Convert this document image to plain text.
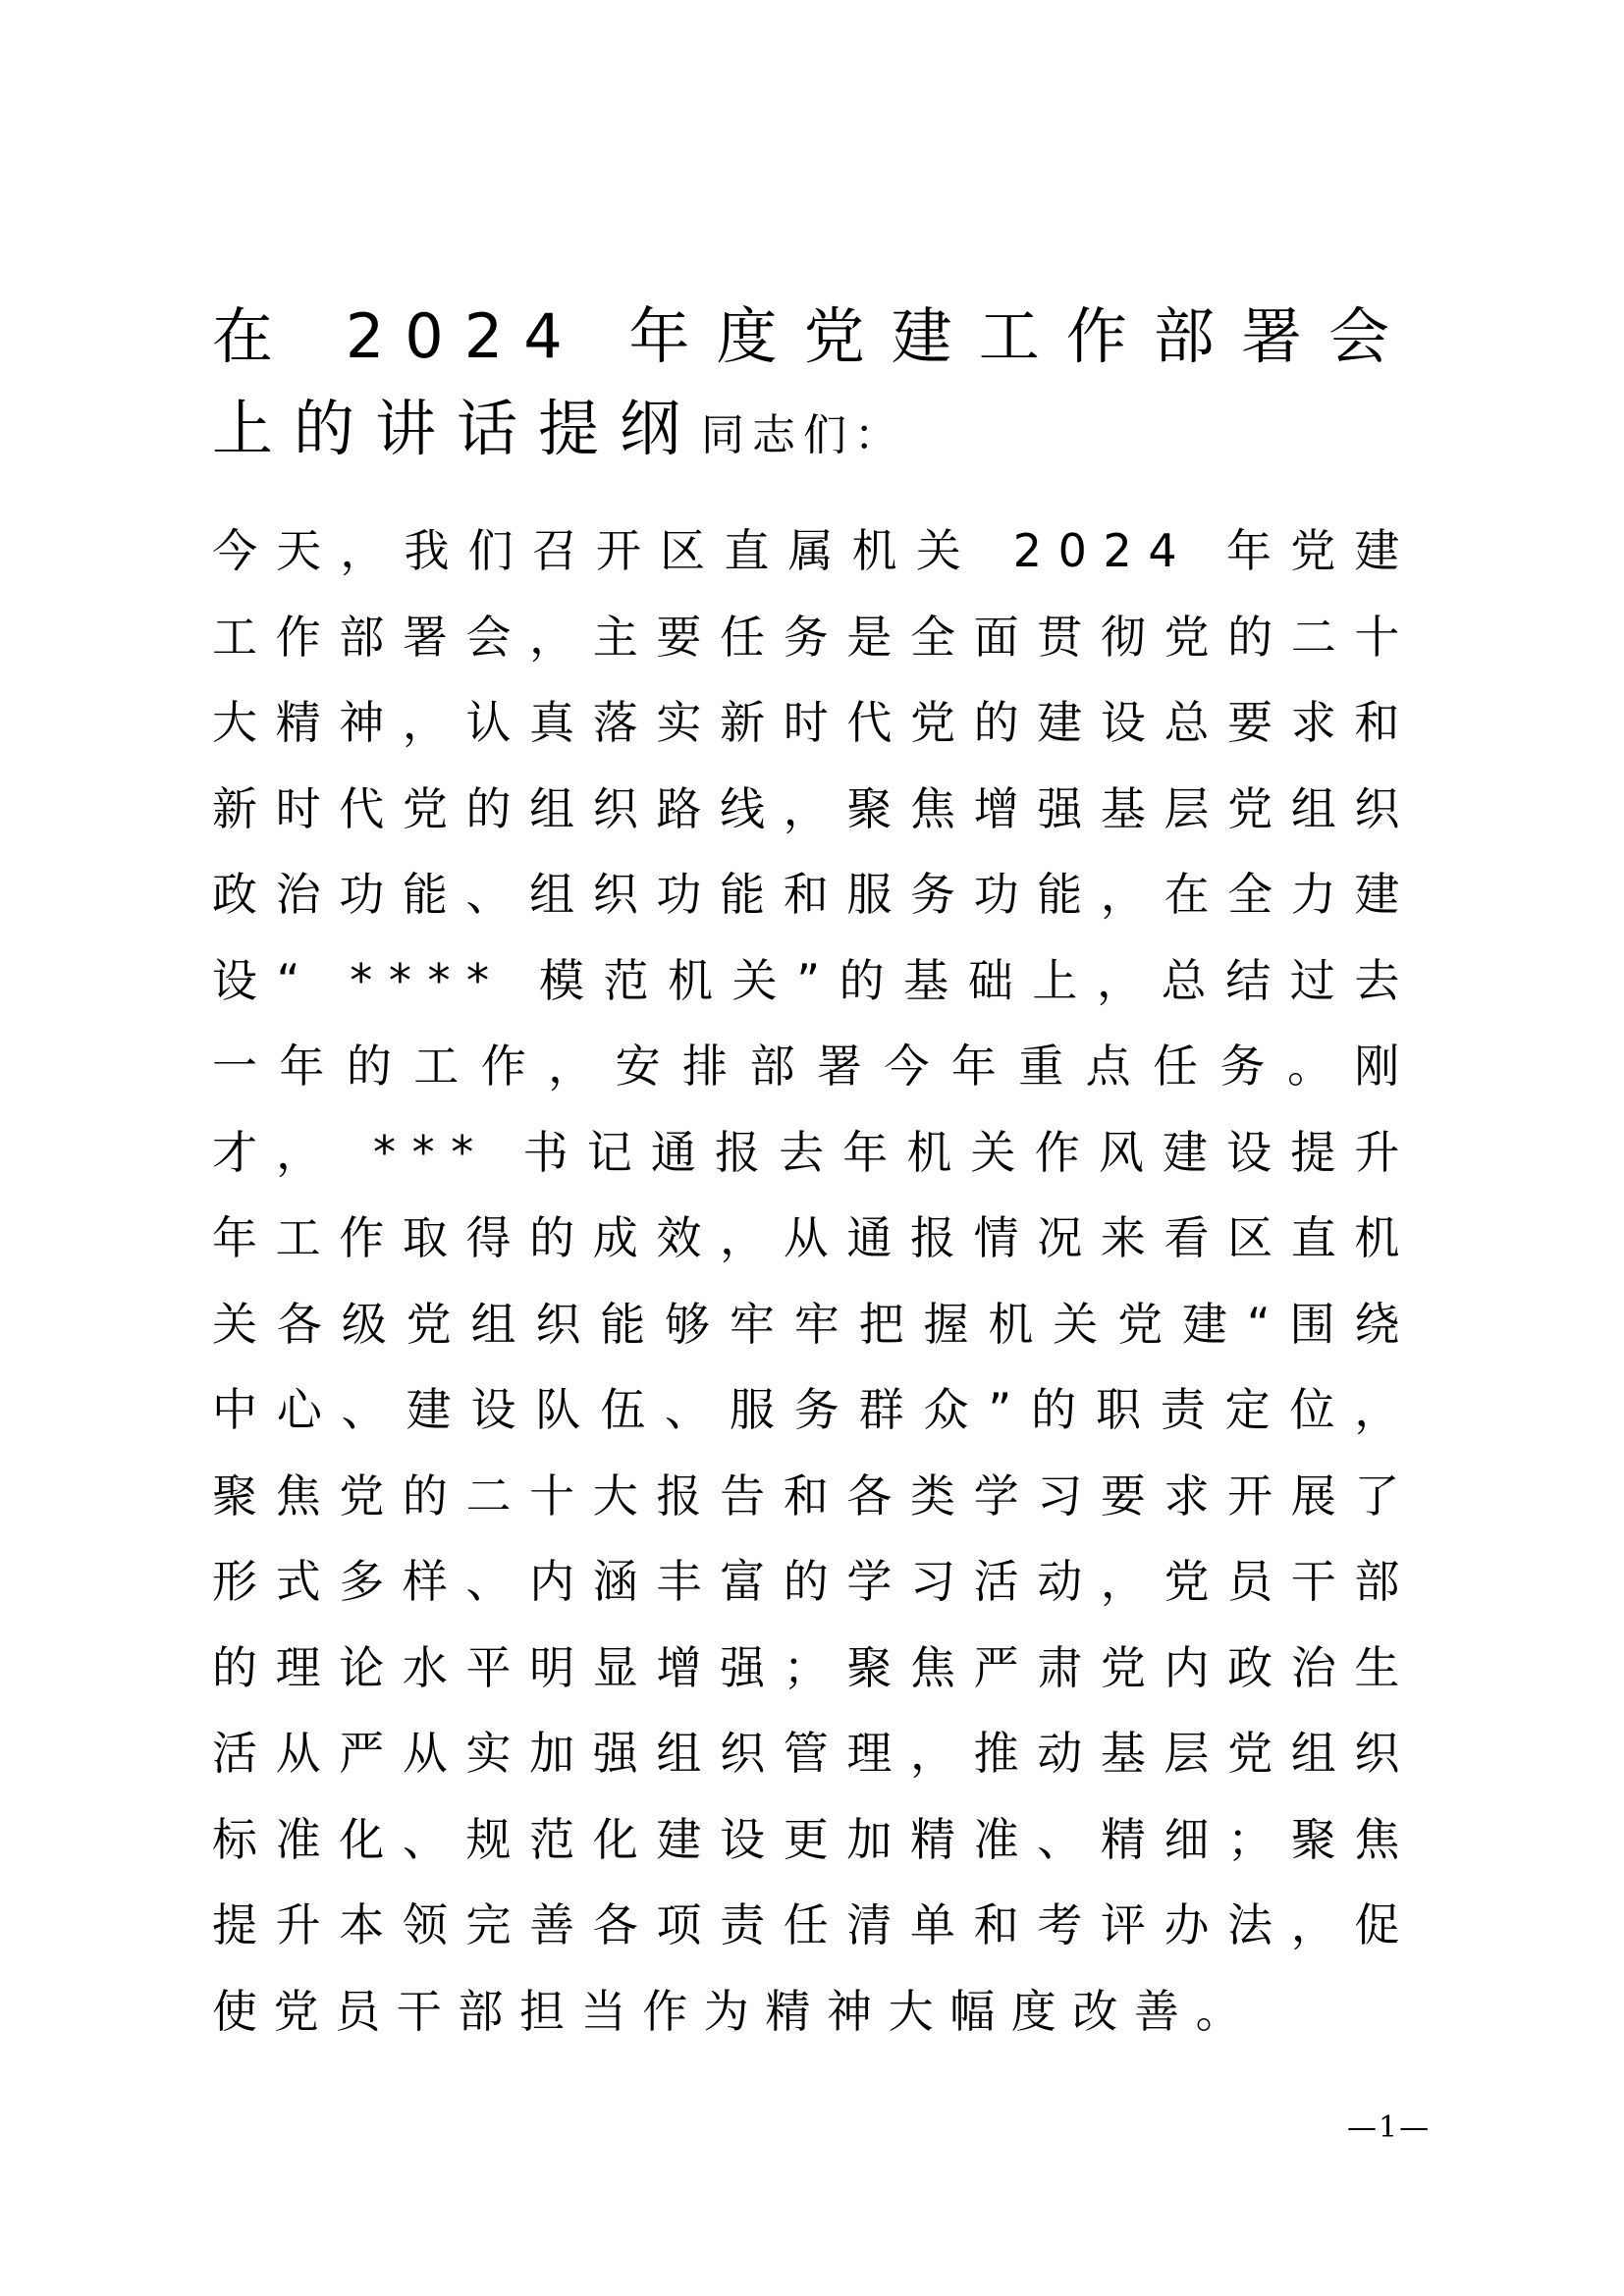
在 2024 年度党建工作部署会上的讲话提纲同志们：

今天，我们召开区直属机关 2024 年党建工作部署会，主要任务是全面贯彻党的二十大精神，认真落实新时代党的建设总要求和新时代党的组织路线，聚焦增强基层党组织政治功能、组织功能和服务功能，在全力建设“ **** 模范机关”的基础上，总结过去一年的工作，安排部署今年重点任务。刚才， *** 书记通报去年机关作风建设提升年工作取得的成效，从通报情况来看区直机关各级党组织能够牢牢把握机关党建“围绕中心、建设队伍、服务群众”的职责定位，聚焦党的二十大报告和各类学习要求开展了形式多样、内涵丰富的学习活动，党员干部的理论水平明显增强；聚焦严肃党内政治生活从严从实加强组织管理，推动基层党组织标准化、规范化建设更加精准、精细；聚焦提升本领完善各项责任清单和考评办法，促使党员干部担当作为精神大幅度改善。

—1—
